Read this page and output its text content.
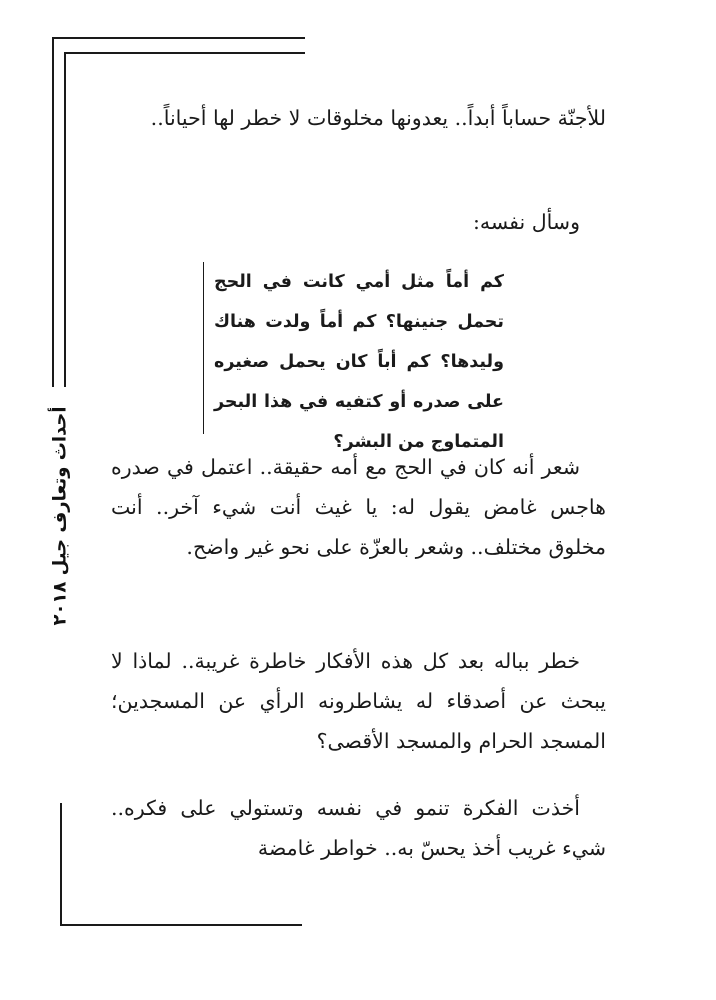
أحداث وتعارف جيل ٢٠١٨

للأجنّة حساباً أبداً.. يعدونها مخلوقات لا خطر لها أحياناً..

وسأل نفسه:

كم أماً مثل أمي كانت في الحج تحمل جنينها؟ كم أماً ولدت هناك وليدها؟ كم أباً كان يحمل صغيره على صدره أو كتفيه في هذا البحر المتماوج من البشر؟

شعر أنه كان في الحج مع أمه حقيقة.. اعتمل في صدره هاجس غامض يقول له: يا غيث أنت شيء آخر.. أنت مخلوق مختلف.. وشعر بالعزّة على نحو غير واضح.

خطر بباله بعد كل هذه الأفكار خاطرة غريبة.. لماذا لا يبحث عن أصدقاء له يشاطرونه الرأي عن المسجدين؛ المسجد الحرام والمسجد الأقصى؟

أخذت الفكرة تنمو في نفسه وتستولي على فكره.. شيء غريب أخذ يحسّ به.. خواطر غامضة
